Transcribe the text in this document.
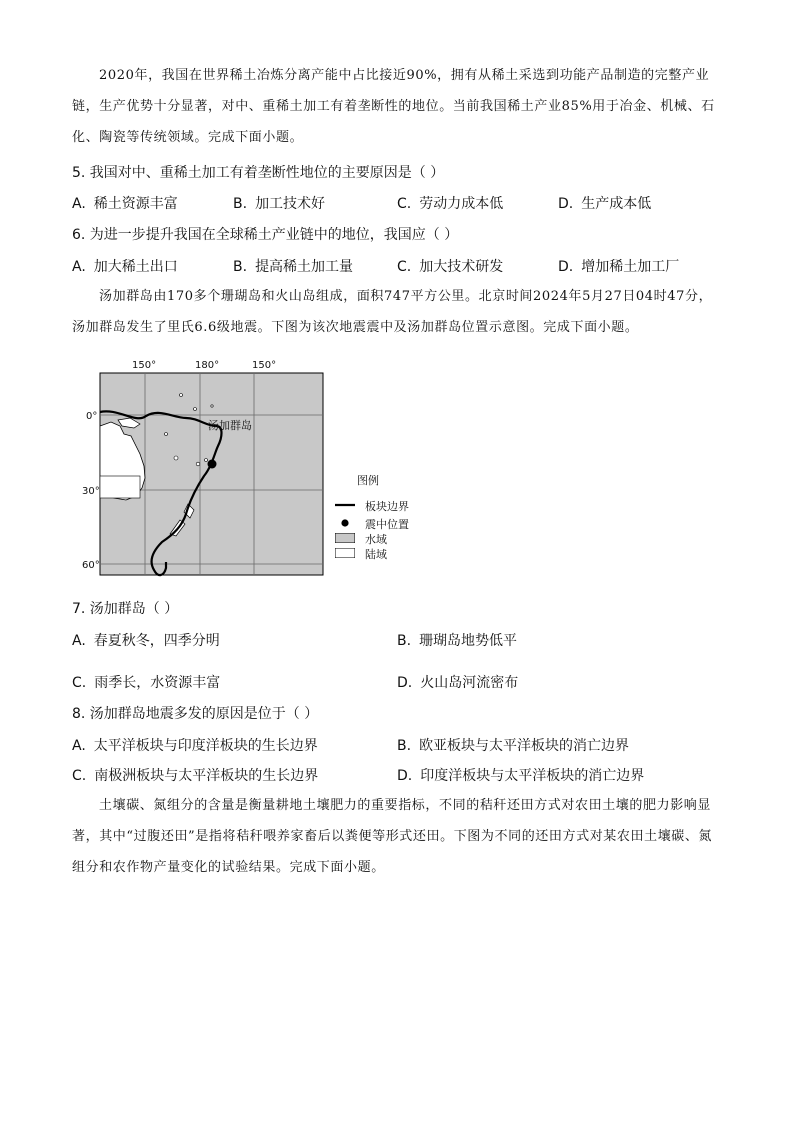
2020年，我国在世界稀土冶炼分离产能中占比接近90%，拥有从稀土采选到功能产品制造的完整产业链，生产优势十分显著，对中、重稀土加工有着垄断性的地位。当前我国稀土产业85%用于冶金、机械、石化、陶瓷等传统领域。完成下面小题。
5. 我国对中、重稀土加工有着垄断性地位的主要原因是（ ）
A. 稀土资源丰富	B. 加工技术好	C. 劳动力成本低	D. 生产成本低
6. 为进一步提升我国在全球稀土产业链中的地位，我国应（ ）
A. 加大稀土出口	B. 提高稀土加工量	C. 加大技术研发	D. 增加稀土加工厂
汤加群岛由170多个珊瑚岛和火山岛组成，面积747平方公里。北京时间2024年5月27日04时47分，汤加群岛发生了里氏6.6级地震。下图为该次地震震中及汤加群岛位置示意图。完成下面小题。
汤加群岛
150°	180°	150°
0°
30°
60°
图例
板块边界
震中位置
水域
陆域
7. 汤加群岛（ ）
A. 春夏秋冬，四季分明	B. 珊瑚岛地势低平
C. 雨季长，水资源丰富	D. 火山岛河流密布
8. 汤加群岛地震多发的原因是位于（ ）
A. 太平洋板块与印度洋板块的生长边界	B. 欧亚板块与太平洋板块的消亡边界
C. 南极洲板块与太平洋板块的生长边界	D. 印度洋板块与太平洋板块的消亡边界
土壤碳、氮组分的含量是衡量耕地土壤肥力的重要指标，不同的秸秆还田方式对农田土壤的肥力影响显著，其中“过腹还田”是指将秸秆喂养家畜后以粪便等形式还田。下图为不同的还田方式对某农田土壤碳、氮组分和农作物产量变化的试验结果。完成下面小题。
